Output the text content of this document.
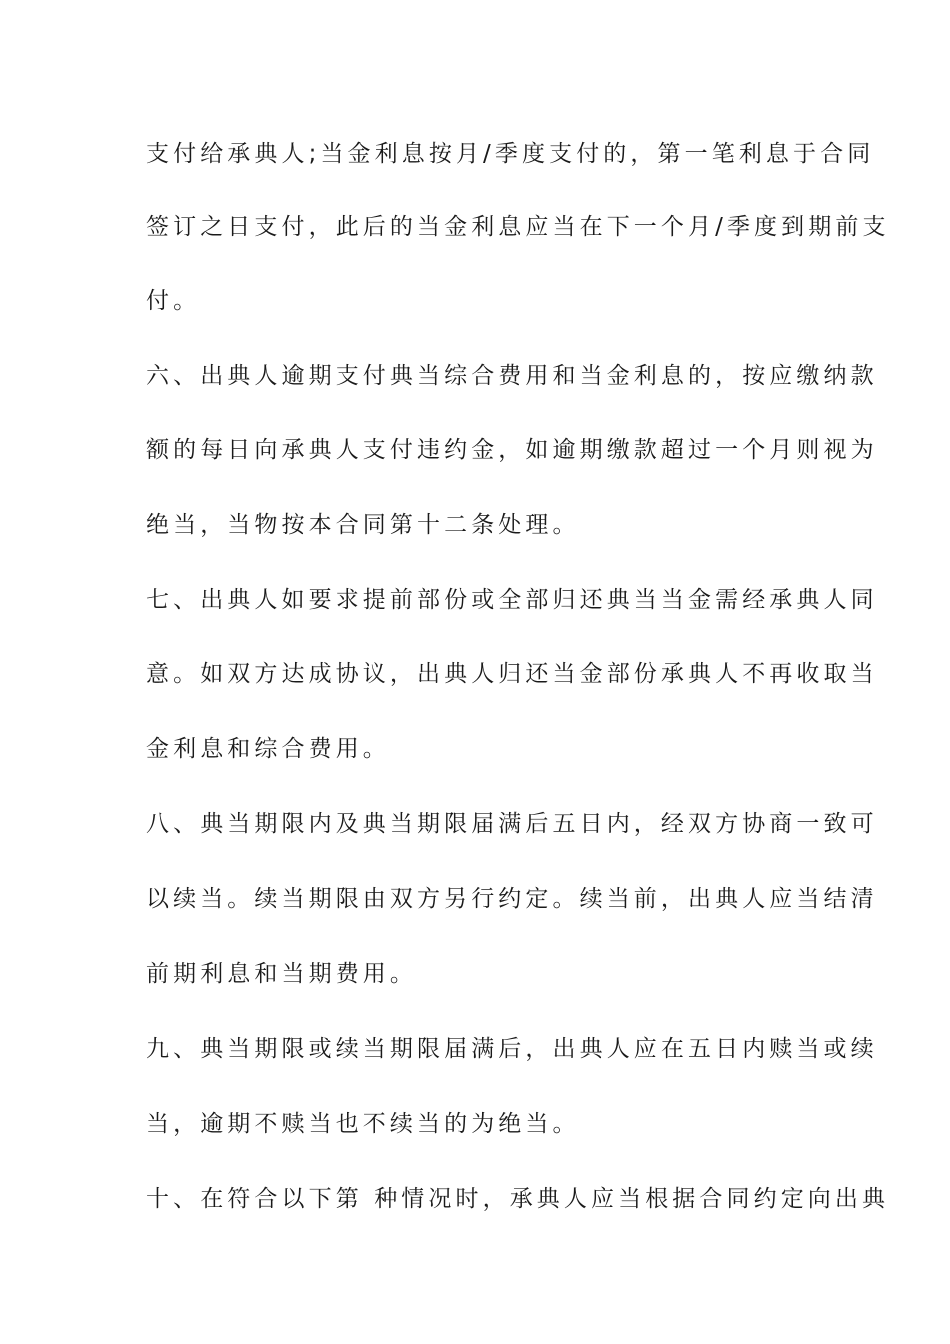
支付给承典人;当金利息按月/季度支付的，第一笔利息于合同
签订之日支付，此后的当金利息应当在下一个月/季度到期前支
付。
六、出典人逾期支付典当综合费用和当金利息的，按应缴纳款
额的每日向承典人支付违约金，如逾期缴款超过一个月则视为
绝当，当物按本合同第十二条处理。
七、出典人如要求提前部份或全部归还典当当金需经承典人同
意。如双方达成协议，出典人归还当金部份承典人不再收取当
金利息和综合费用。
八、典当期限内及典当期限届满后五日内，经双方协商一致可
以续当。续当期限由双方另行约定。续当前，出典人应当结清
前期利息和当期费用。
九、典当期限或续当期限届满后，出典人应在五日内赎当或续
当，逾期不赎当也不续当的为绝当。
十、在符合以下第 种情况时，承典人应当根据合同约定向出典
